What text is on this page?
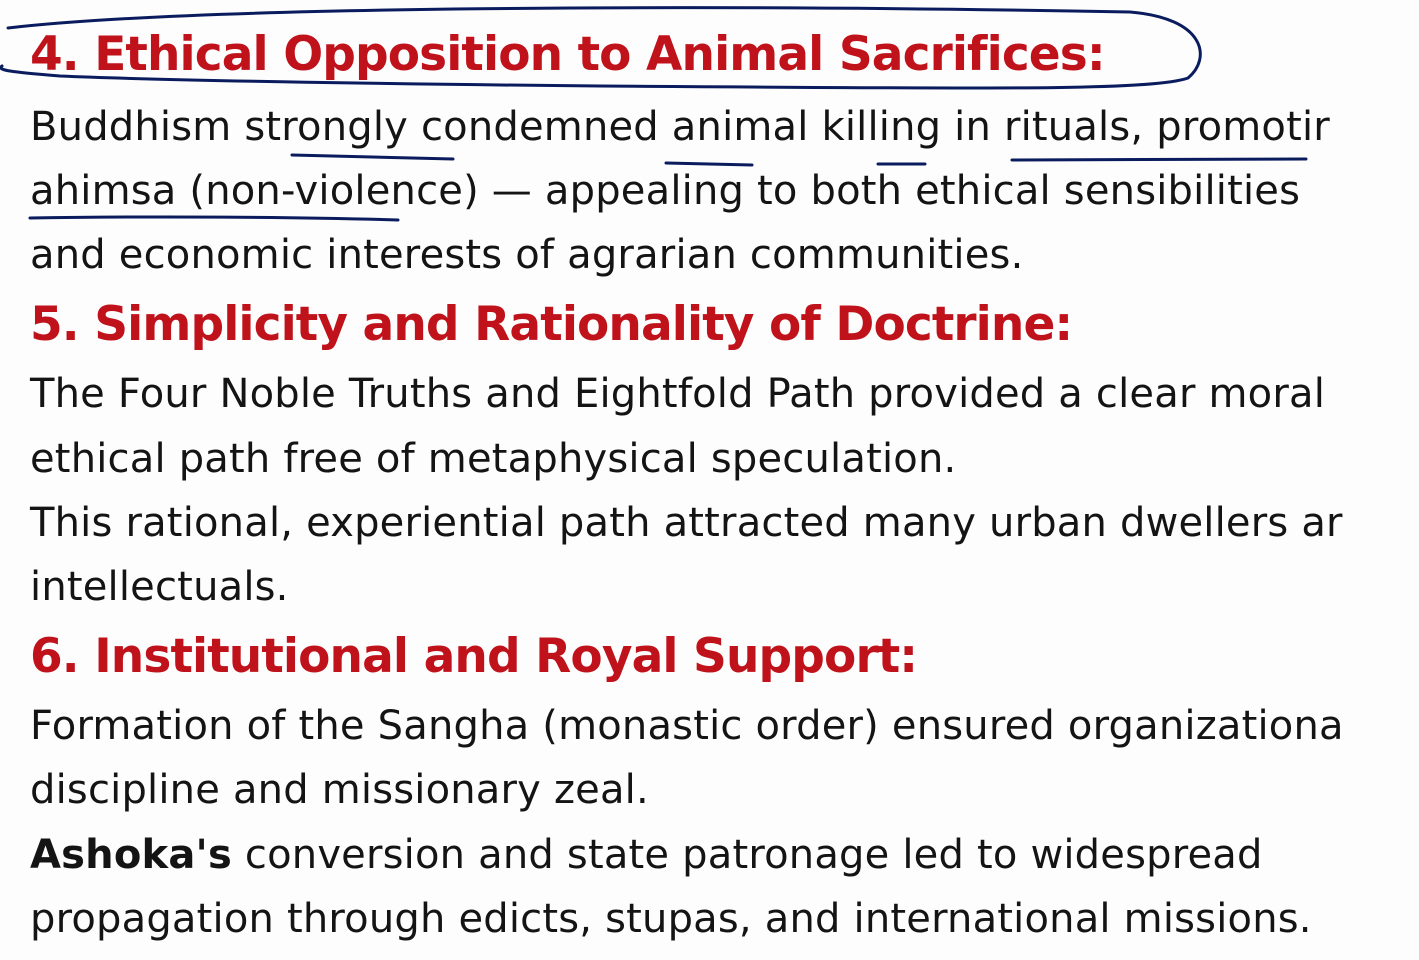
4. Ethical Opposition to Animal Sacrifices:
Buddhism strongly condemned animal killing in rituals, promotir
ahimsa (non-violence) — appealing to both ethical sensibilities
and economic interests of agrarian communities.
5. Simplicity and Rationality of Doctrine:
The Four Noble Truths and Eightfold Path provided a clear moral
ethical path free of metaphysical speculation.
This rational, experiential path attracted many urban dwellers ar
intellectuals.
6. Institutional and Royal Support:
Formation of the Sangha (monastic order) ensured organizationa
discipline and missionary zeal.
Ashoka's conversion and state patronage led to widespread
propagation through edicts, stupas, and international missions.
